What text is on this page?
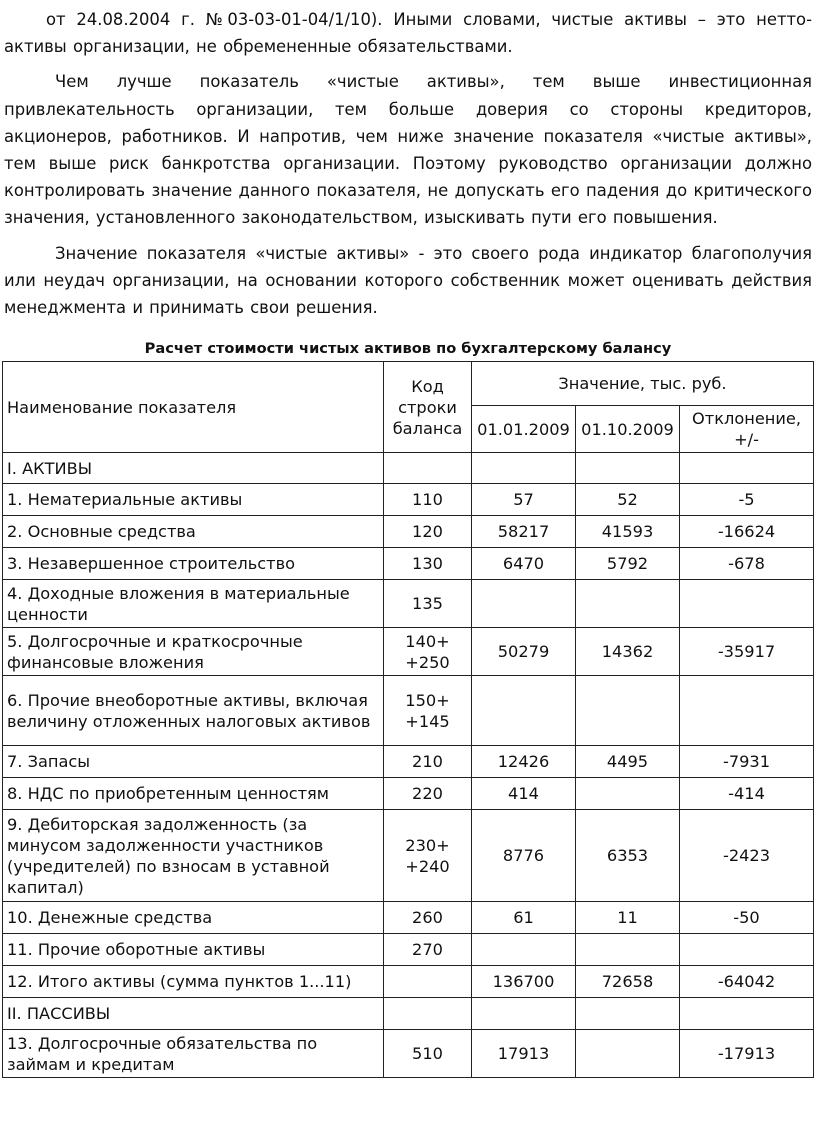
от 24.08.2004 г. №03-03-01-04/1/10). Иными словами, чистые активы – это нетто-активы организации, не обремененные обязательствами.

Чем лучше показатель «чистые активы», тем выше инвестиционная привлекательность организации, тем больше доверия со стороны кредиторов, акционеров, работников. И напротив, чем ниже значение показателя «чистые активы», тем выше риск банкротства организации. Поэтому руководство организации должно контролировать значение данного показателя, не допускать его падения до критического значения, установленного законодательством, изыскивать пути его повышения.

Значение показателя «чистые активы» - это своего рода индикатор благополучия или неудач организации, на основании которого собственник может оценивать действия менеджмента и принимать свои решения.

Расчет стоимости чистых активов по бухгалтерскому балансу
Наименование показателя	Код строки баланса	Значение, тыс. руб.		
		01.01.2009	01.10.2009	Отклонение, +/-
I. АКТИВЫ				
1. Нематериальные активы	110	57	52	-5
2. Основные средства	120	58217	41593	-16624
3. Незавершенное строительство	130	6470	5792	-678
4. Доходные вложения в материальные ценности	135			
5. Долгосрочные и краткосрочные финансовые вложения	140+ +250	50279	14362	-35917
6. Прочие внеоборотные активы, включая величину отложенных налоговых активов	150+ +145			
7. Запасы	210	12426	4495	-7931
8. НДС по приобретенным ценностям	220	414		-414
9. Дебиторская задолженность (за минусом задолженности участников (учредителей) по взносам в уставной капитал)	230+ +240	8776	6353	-2423
10. Денежные средства	260	61	11	-50
11. Прочие оборотные активы	270			
12. Итого активы (сумма пунктов 1...11)		136700	72658	-64042
II. ПАССИВЫ				
13. Долгосрочные обязательства по займам и кредитам	510	17913		-17913
